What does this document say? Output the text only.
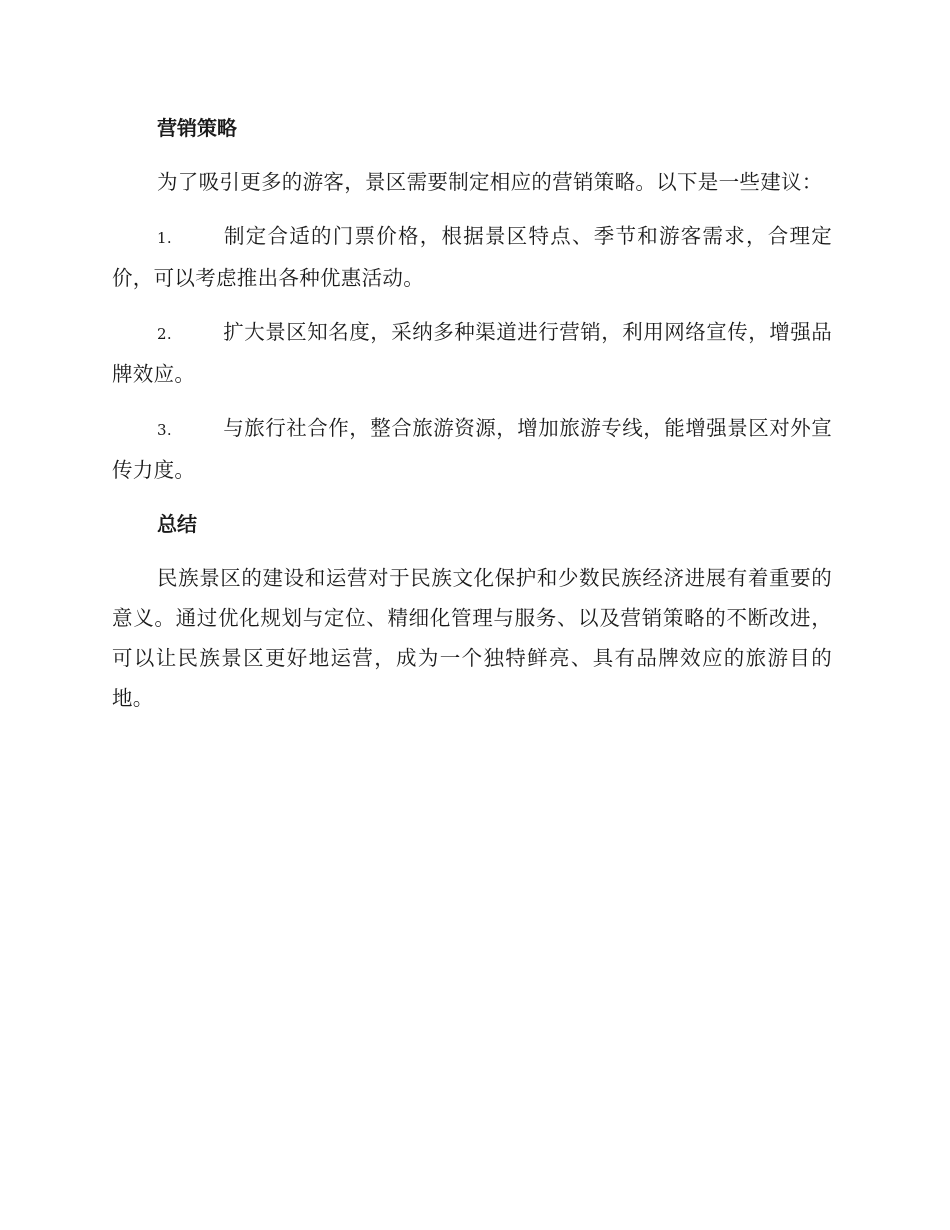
营销策略

为了吸引更多的游客，景区需要制定相应的营销策略。以下是一些建议：

1. 制定合适的门票价格，根据景区特点、季节和游客需求，合理定价，可以考虑推出各种优惠活动。

2. 扩大景区知名度，采纳多种渠道进行营销，利用网络宣传，增强品牌效应。

3. 与旅行社合作，整合旅游资源，增加旅游专线，能增强景区对外宣传力度。

总结

民族景区的建设和运营对于民族文化保护和少数民族经济进展有着重要的意义。通过优化规划与定位、精细化管理与服务、以及营销策略的不断改进，可以让民族景区更好地运营，成为一个独特鲜亮、具有品牌效应的旅游目的地。
